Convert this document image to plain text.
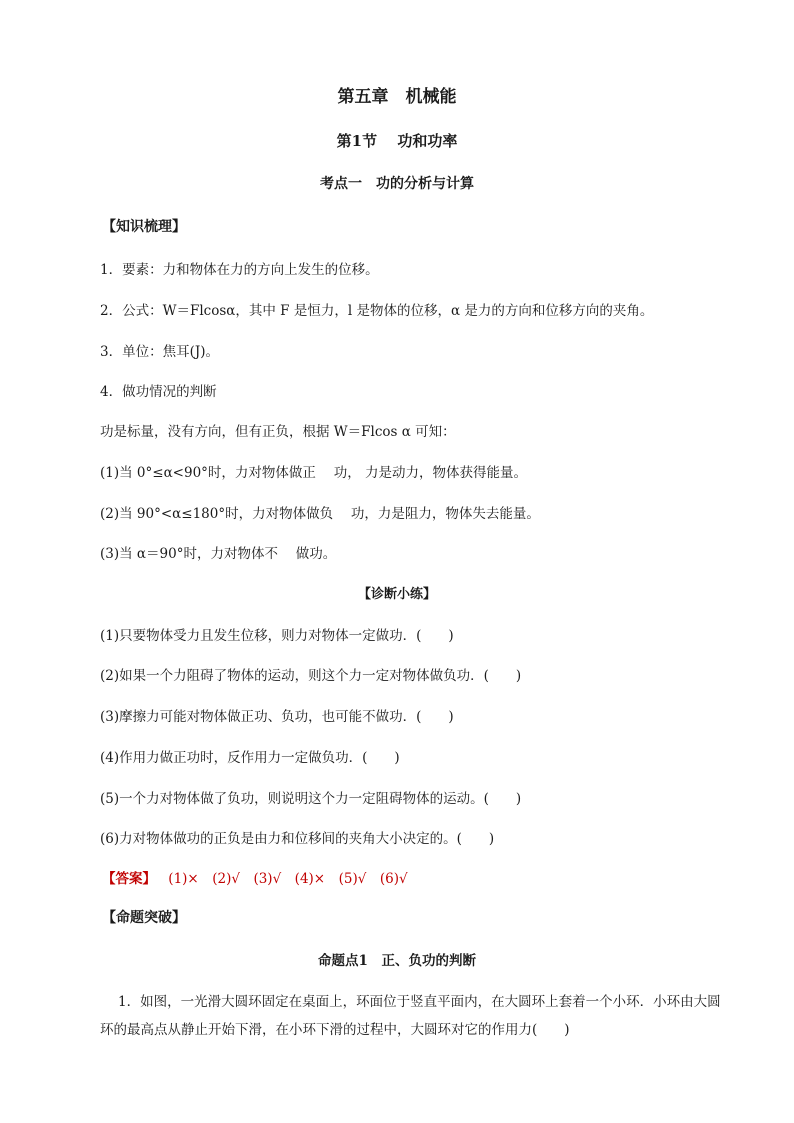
第五章　机械能
第1节　 功和功率
考点一　功的分析与计算
【知识梳理】
1．要素：力和物体在力的方向上发生的位移。
2．公式：W＝Flcosα，其中 F 是恒力，l 是物体的位移，α 是力的方向和位移方向的夹角。
3．单位：焦耳(J)。
4．做功情况的判断
功是标量，没有方向，但有正负，根据 W＝Flcos α 可知：
(1)当 0°≤α<90°时，力对物体做正　 功， 力是动力，物体获得能量。
(2)当 90°<α≤180°时，力对物体做负　 功，力是阻力，物体失去能量。
(3)当 α＝90°时，力对物体不　 做功。
【诊断小练】
(1)只要物体受力且发生位移，则力对物体一定做功．(　　)
(2)如果一个力阻碍了物体的运动，则这个力一定对物体做负功．(　　)
(3)摩擦力可能对物体做正功、负功，也可能不做功．(　　)
(4)作用力做正功时，反作用力一定做负功．(　　)
(5)一个力对物体做了负功，则说明这个力一定阻碍物体的运动。(　　)
(6)力对物体做功的正负是由力和位移间的夹角大小决定的。(　　)
【答案】 (1)×　(2)√　(3)√　(4)×　(5)√　(6)√
【命题突破】
命题点1　正、负功的判断
1．如图，一光滑大圆环固定在桌面上，环面位于竖直平面内，在大圆环上套着一个小环．小环由大圆
环的最高点从静止开始下滑，在小环下滑的过程中，大圆环对它的作用力(　　)
